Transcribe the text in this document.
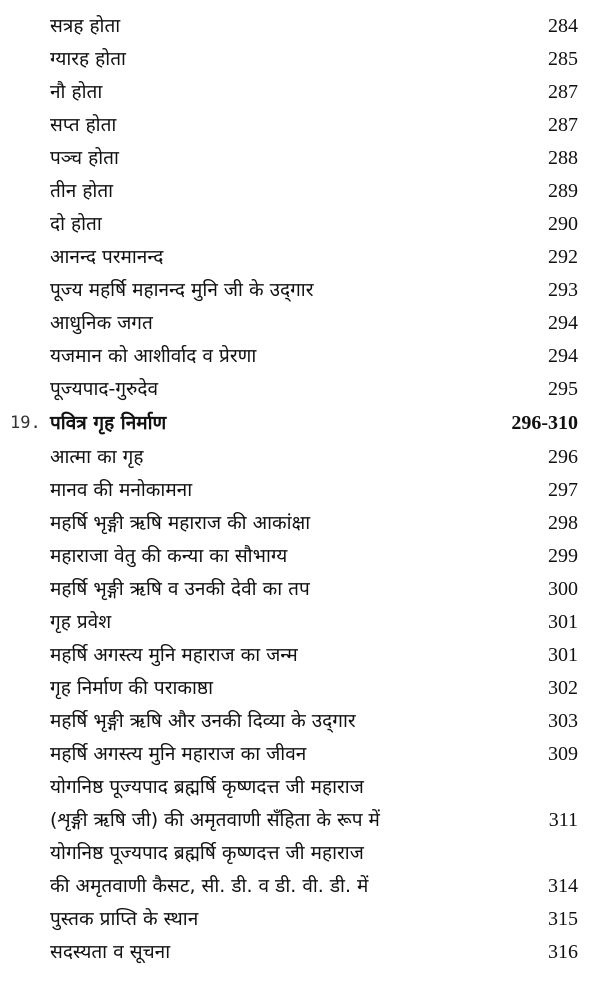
सत्रह होता	284
ग्यारह होता	285
नौ होता	287
सप्त होता	287
पञ्च होता	288
तीन होता	289
दो होता	290
आनन्द परमानन्द	292
पूज्य महर्षि महानन्द मुनि जी के उद्‌गार	293
आधुनिक जगत	294
यजमान को आशीर्वाद व प्रेरणा	294
पूज्यपाद-गुरुदेव	295
19. पवित्र गृह निर्माण	296-310
आत्मा का गृह	296
मानव की मनोकामना	297
महर्षि भृङ्गी ऋषि महाराज की आकांक्षा	298
महाराजा वेतु की कन्या का सौभाग्य	299
महर्षि भृङ्गी ऋषि व उनकी देवी का तप	300
गृह प्रवेश	301
महर्षि अगस्त्य मुनि महाराज का जन्म	301
गृह निर्माण की पराकाष्ठा	302
महर्षि भृङ्गी ऋषि और उनकी दिव्या के उद्‌गार	303
महर्षि अगस्त्य मुनि महाराज का जीवन	309
योगनिष्ठ पूज्यपाद ब्रह्मर्षि कृष्णदत्त जी महाराज
(शृङ्गी ऋषि जी) की अमृतवाणी सँहिता के रूप में	311
योगनिष्ठ पूज्यपाद ब्रह्मर्षि कृष्णदत्त जी महाराज
की अमृतवाणी कैसट, सी. डी. व डी. वी. डी. में	314
पुस्तक प्राप्ति के स्थान	315
सदस्यता व सूचना	316
